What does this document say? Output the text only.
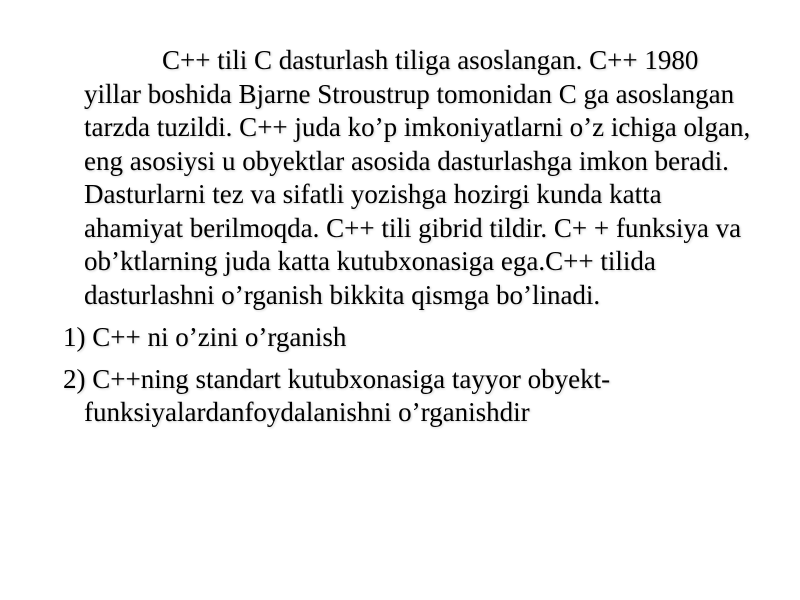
C++ tili C dasturlash tiligа asoslangan. C++ 1980 yillar boshida Bjarne Stroustrup tomonidan C ga asoslangan tarzda tuzildi. C++ juda ko’p imkoniyatlarni o’z ichiga olgan, eng asosiysi u obyektlar asosida dasturlashga imkon beradi. Dasturlarni tez va sifatli yozishga hozirgi kunda katta ahamiyat berilmoqda. C++ tili gibrid tildir. C+ + funksiya va ob’ktlarning juda katta kutubxonasiga ega.C++ tilida dasturlashni o’rganish bikkita qismga bo’linadi.

1) C++ ni o’zini o’rganish
2) C++ning standart kutubxonasiga tayyor obyekt-funksiyalardanfoydalanishni o’rganishdir
